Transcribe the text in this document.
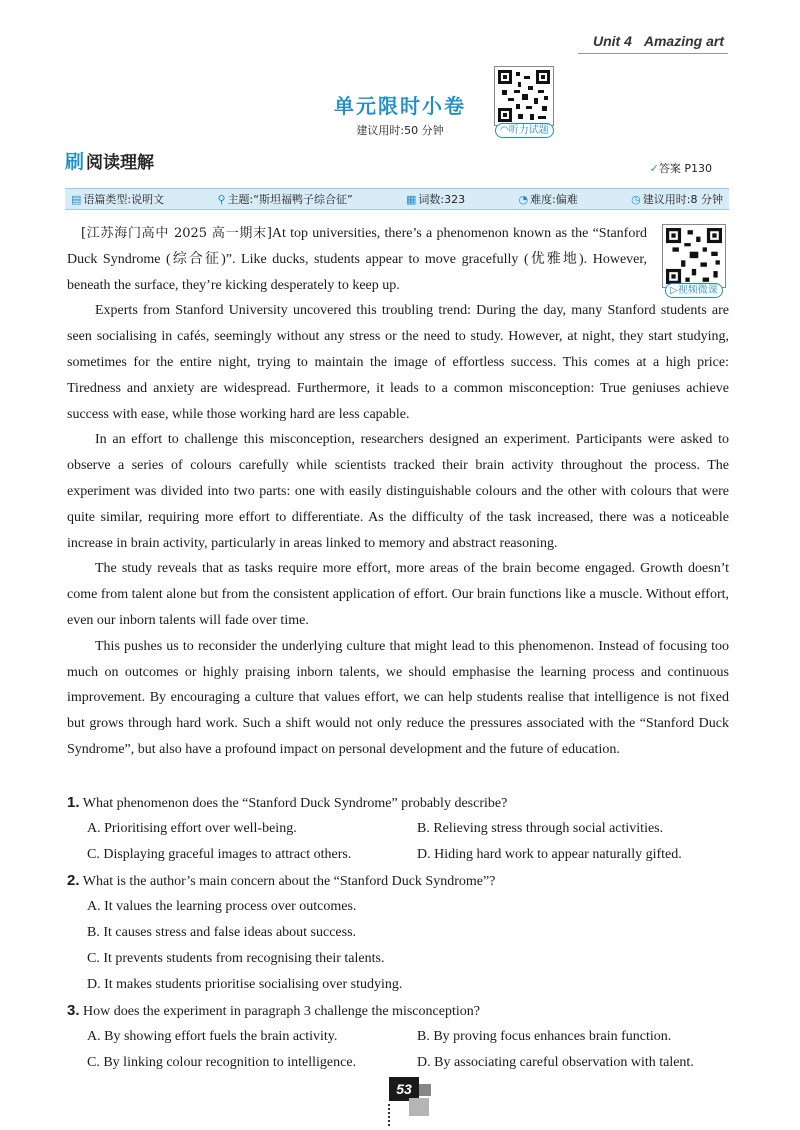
Unit 4 Amazing art
◠听力试题
单元限时小卷
建议用时:50 分钟
刷 阅读理解	✓答案 P130
▤ 语篇类型:说明文	⚲ 主题:“斯坦福鸭子综合征”	▦ 词数:323	◔ 难度:偏难	◷ 建议用时:8 分钟
▷视频微课

[江苏海门高中 2025 高一期末]At top universities, there’s a phenomenon known as the “Stanford Duck Syndrome (综合征)”. Like ducks, students appear to move gracefully (优雅地). However, beneath the surface, they’re kicking desperately to keep up.

Experts from Stanford University uncovered this troubling trend: During the day, many Stanford students are seen socialising in cafés, seemingly without any stress or the need to study. However, at night, they start studying, sometimes for the entire night, trying to maintain the image of effortless success. This comes at a high price: Tiredness and anxiety are widespread. Furthermore, it leads to a common misconception: True geniuses achieve success with ease, while those working hard are less capable.

In an effort to challenge this misconception, researchers designed an experiment. Participants were asked to observe a series of colours carefully while scientists tracked their brain activity throughout the process. The experiment was divided into two parts: one with easily distinguishable colours and the other with colours that were quite similar, requiring more effort to differentiate. As the difficulty of the task increased, there was a noticeable increase in brain activity, particularly in areas linked to memory and abstract reasoning.

The study reveals that as tasks require more effort, more areas of the brain become engaged. Growth doesn’t come from talent alone but from the consistent application of effort. Our brain functions like a muscle. Without effort, even our inborn talents will fade over time.

This pushes us to reconsider the underlying culture that might lead to this phenomenon. Instead of focusing too much on outcomes or highly praising inborn talents, we should emphasise the learning process and continuous improvement. By encouraging a culture that values effort, we can help students realise that intelligence is not fixed but grows through hard work. Such a shift would not only reduce the pressures associated with the “Stanford Duck Syndrome”, but also have a profound impact on personal development and the future of education.

1. What phenomenon does the “Stanford Duck Syndrome” probably describe?
A. Prioritising effort over well-being.	B. Relieving stress through social activities.
C. Displaying graceful images to attract others.	D. Hiding hard work to appear naturally gifted.
2. What is the author’s main concern about the “Stanford Duck Syndrome”?
A. It values the learning process over outcomes.
B. It causes stress and false ideas about success.
C. It prevents students from recognising their talents.
D. It makes students prioritise socialising over studying.
3. How does the experiment in paragraph 3 challenge the misconception?
A. By showing effort fuels the brain activity.	B. By proving focus enhances brain function.
C. By linking colour recognition to intelligence.	D. By associating careful observation with talent.
53
